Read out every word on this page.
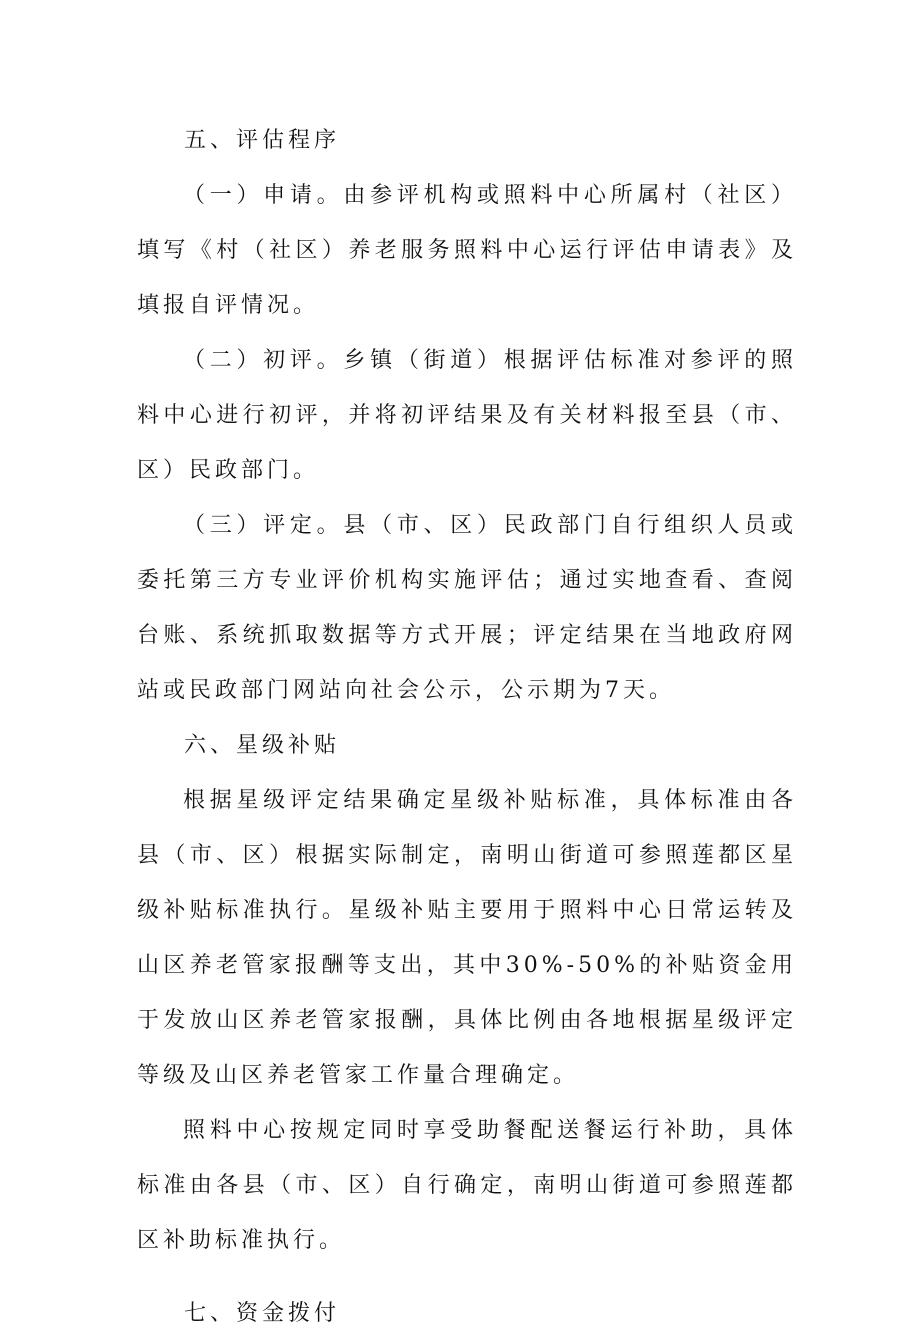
五、评估程序

（一）申请。由参评机构或照料中心所属村（社区）填写《村（社区）养老服务照料中心运行评估申请表》及填报自评情况。

（二）初评。乡镇（街道）根据评估标准对参评的照料中心进行初评，并将初评结果及有关材料报至县（市、区）民政部门。

（三）评定。县（市、区）民政部门自行组织人员或委托第三方专业评价机构实施评估；通过实地查看、查阅台账、系统抓取数据等方式开展；评定结果在当地政府网站或民政部门网站向社会公示，公示期为7天。

六、星级补贴

根据星级评定结果确定星级补贴标准，具体标准由各县（市、区）根据实际制定，南明山街道可参照莲都区星级补贴标准执行。星级补贴主要用于照料中心日常运转及山区养老管家报酬等支出，其中30%-50%的补贴资金用于发放山区养老管家报酬，具体比例由各地根据星级评定等级及山区养老管家工作量合理确定。

照料中心按规定同时享受助餐配送餐运行补助，具体标准由各县（市、区）自行确定，南明山街道可参照莲都区补助标准执行。

七、资金拨付
